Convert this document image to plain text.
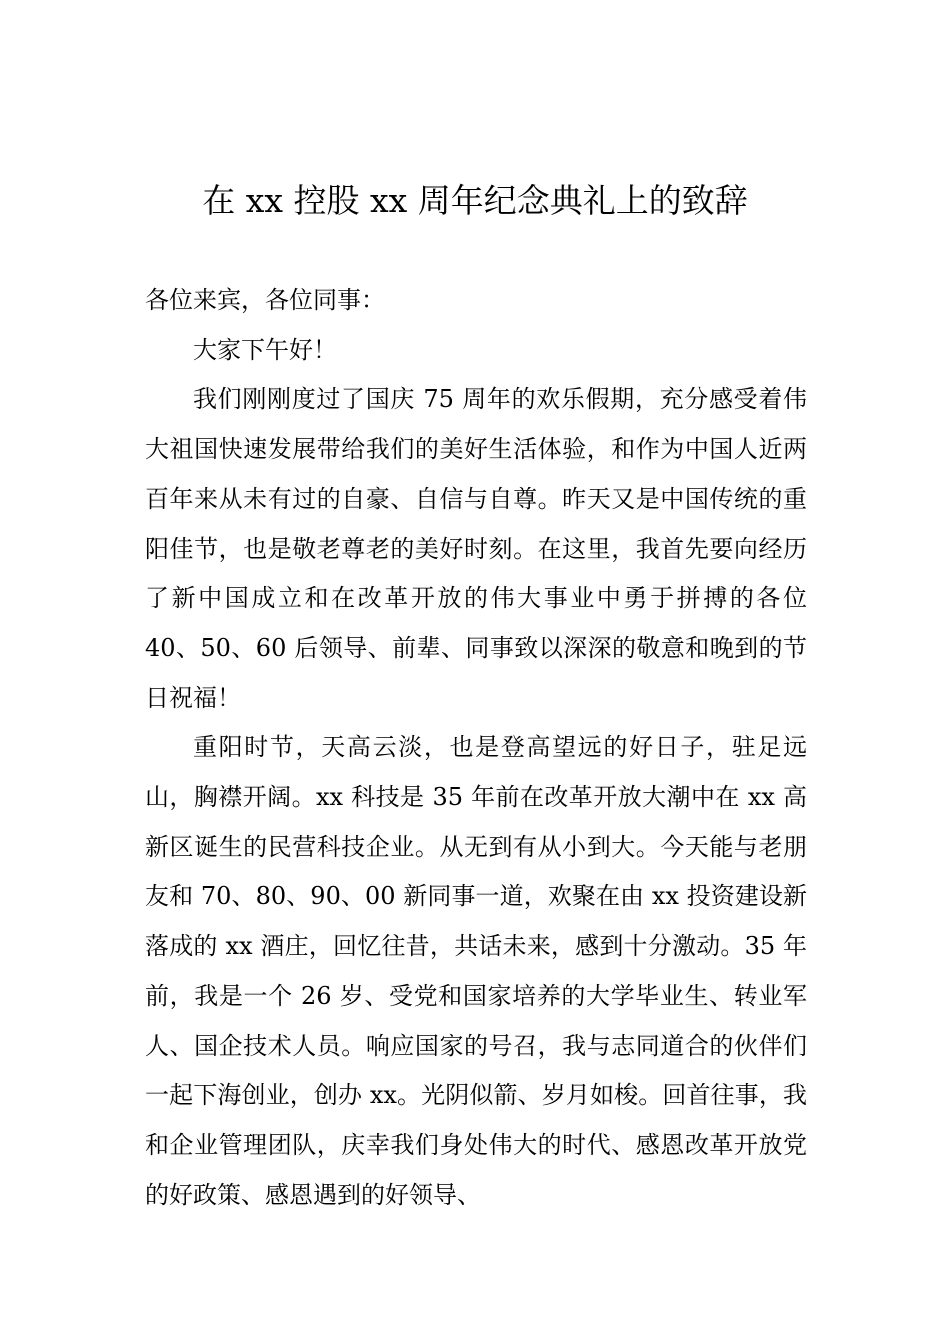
在 xx 控股 xx 周年纪念典礼上的致辞

各位来宾，各位同事：

大家下午好！

我们刚刚度过了国庆 75 周年的欢乐假期，充分感受着伟大祖国快速发展带给我们的美好生活体验，和作为中国人近两百年来从未有过的自豪、自信与自尊。昨天又是中国传统的重阳佳节，也是敬老尊老的美好时刻。在这里，我首先要向经历了新中国成立和在改革开放的伟大事业中勇于拼搏的各位 40、50、60 后领导、前辈、同事致以深深的敬意和晚到的节日祝福！

重阳时节，天高云淡，也是登高望远的好日子，驻足远山，胸襟开阔。xx 科技是 35 年前在改革开放大潮中在 xx 高新区诞生的民营科技企业。从无到有从小到大。今天能与老朋友和 70、80、90、00 新同事一道，欢聚在由 xx 投资建设新落成的 xx 酒庄，回忆往昔，共话未来，感到十分激动。35 年前，我是一个 26 岁、受党和国家培养的大学毕业生、转业军人、国企技术人员。响应国家的号召，我与志同道合的伙伴们一起下海创业，创办 xx。光阴似箭、岁月如梭。回首往事，我和企业管理团队，庆幸我们身处伟大的时代、感恩改革开放党的好政策、感恩遇到的好领导、
